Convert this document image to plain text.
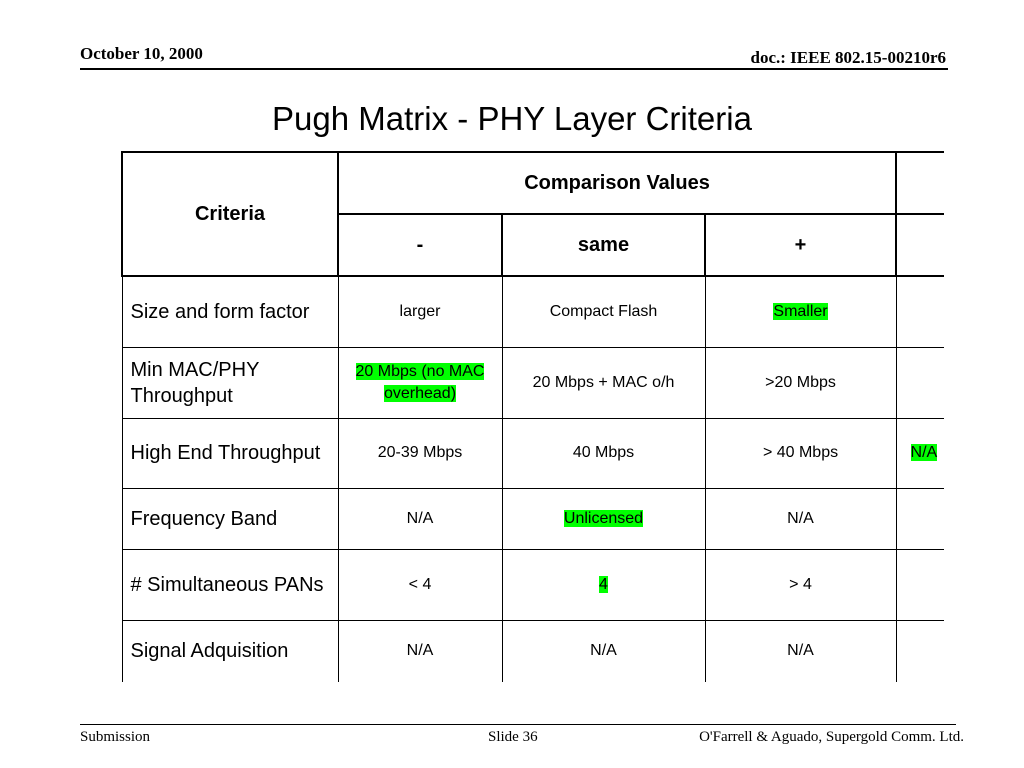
October 10, 2000	doc.: IEEE 802.15-00210r6
Pugh Matrix - PHY Layer Criteria
Criteria	Comparison Values			
	-	same	+	
Size and form factor	larger	Compact Flash	Smaller	
Min MAC/PHY Throughput	20 Mbps (no MAC overhead)	20 Mbps + MAC o/h	>20 Mbps	
High End Throughput	20-39 Mbps	40 Mbps	> 40 Mbps	N/A
Frequency Band	N/A	Unlicensed	N/A	
# Simultaneous PANs	< 4	4	> 4	
Signal Adquisition	N/A	N/A	N/A	
Submission	Slide 36	O'Farrell & Aguado, Supergold Comm. Ltd.
